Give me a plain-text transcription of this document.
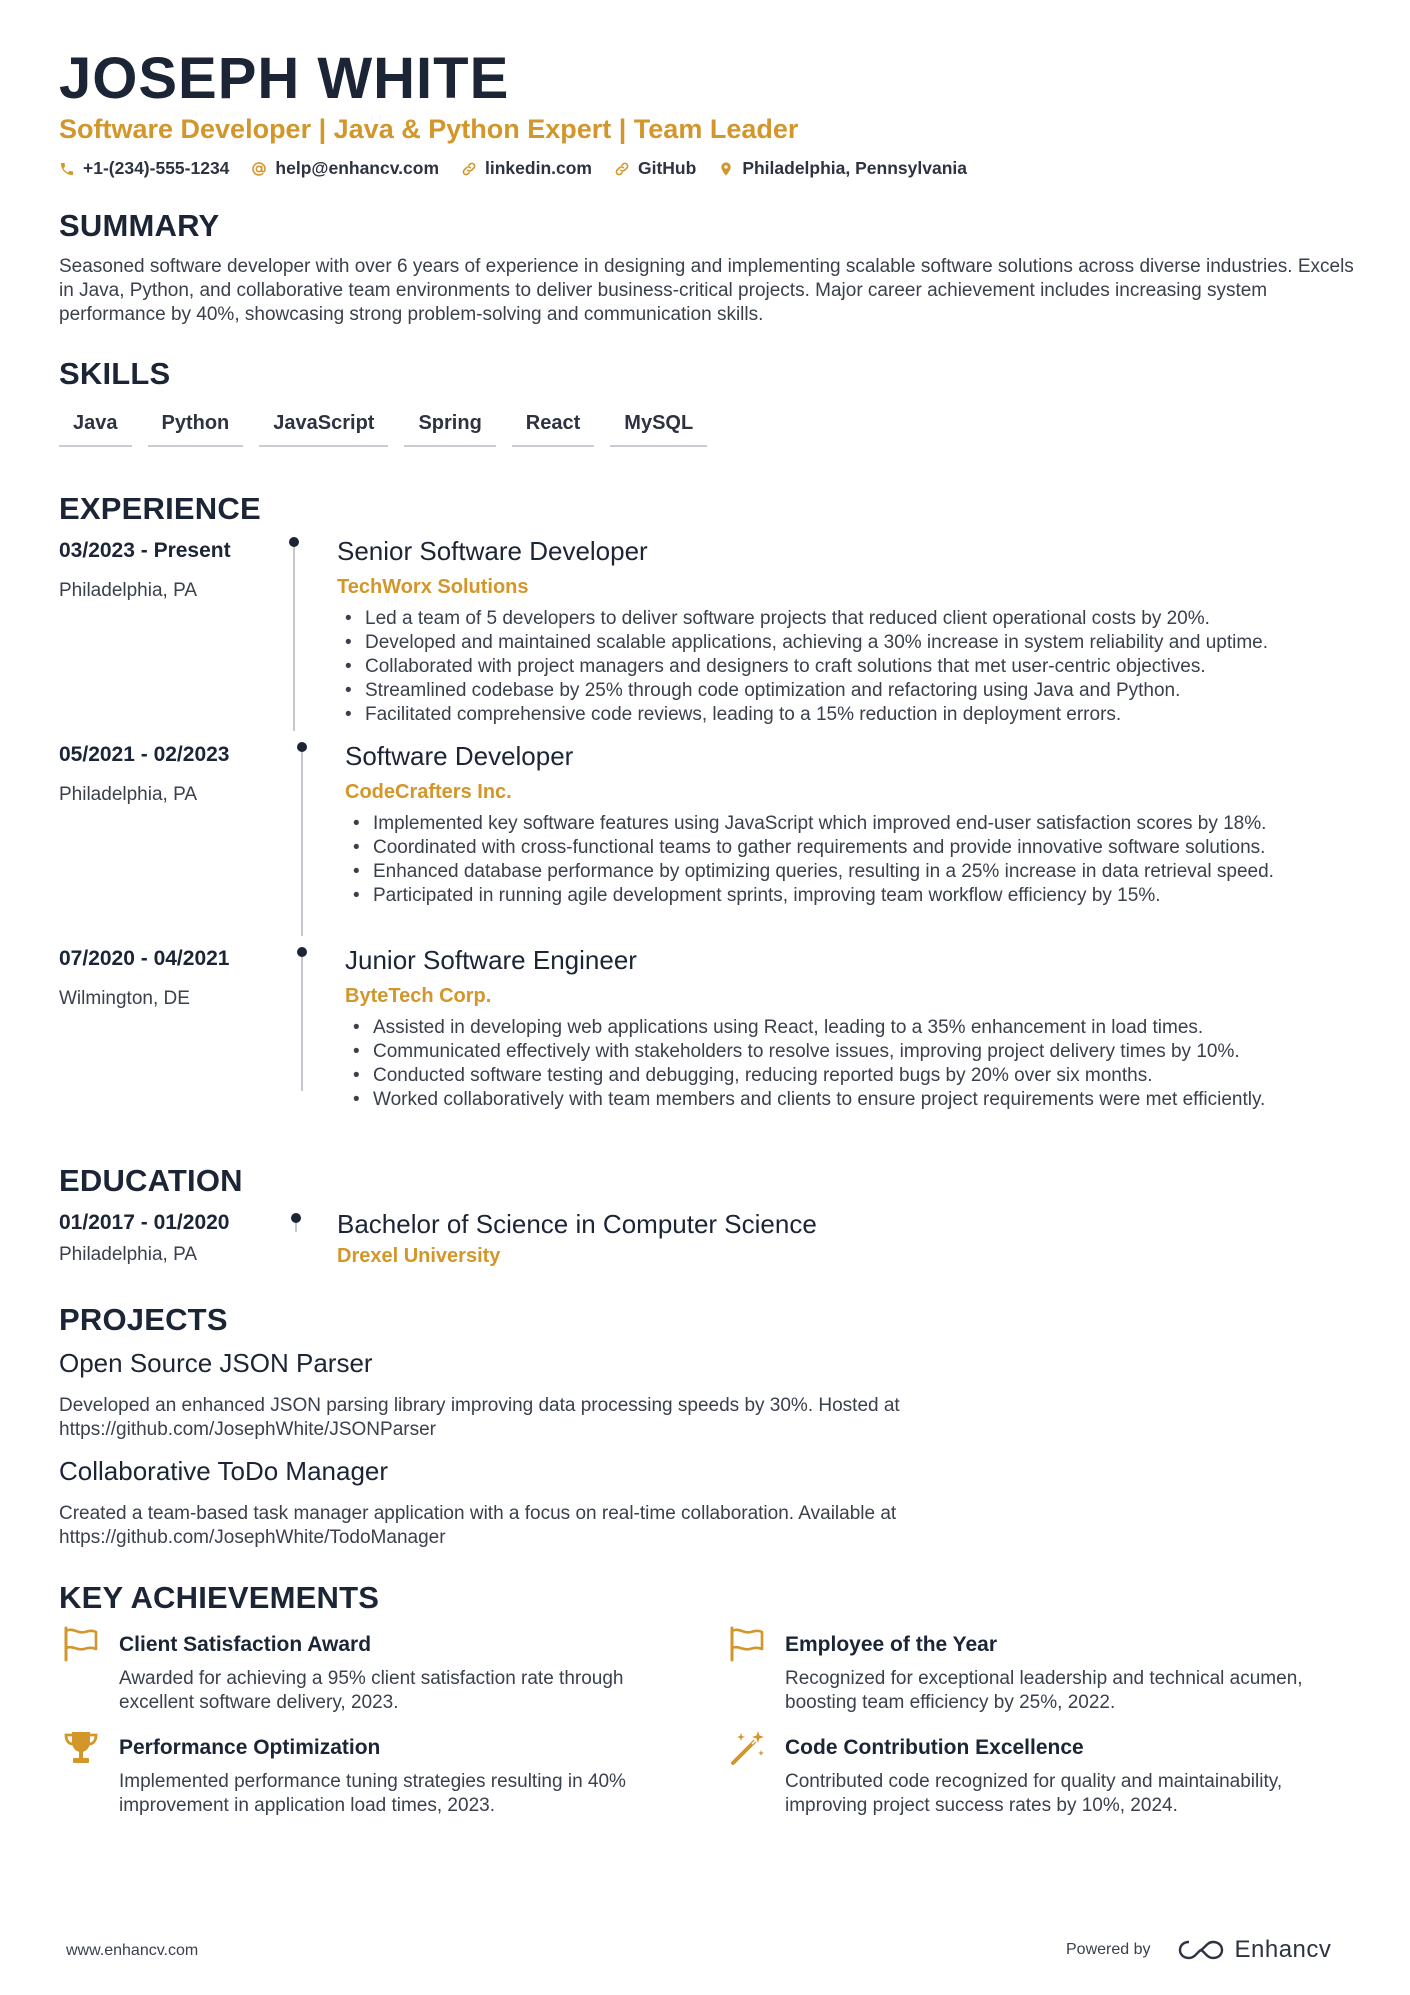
JOSEPH WHITE
Software Developer | Java & Python Expert | Team Leader
+1-(234)-555-1234	help@enhancv.com	linkedin.com	GitHub	Philadelphia, Pennsylvania
SUMMARY
Seasoned software developer with over 6 years of experience in designing and implementing scalable software solutions across diverse industries. Excels in Java, Python, and collaborative team environments to deliver business-critical projects. Major career achievement includes increasing system performance by 40%, showcasing strong problem-solving and communication skills.
SKILLS
Java	Python	JavaScript	Spring	React	MySQL
EXPERIENCE
03/2023 - Present
Philadelphia, PA
Senior Software Developer
TechWorx Solutions
• Led a team of 5 developers to deliver software projects that reduced client operational costs by 20%.
• Developed and maintained scalable applications, achieving a 30% increase in system reliability and uptime.
• Collaborated with project managers and designers to craft solutions that met user-centric objectives.
• Streamlined codebase by 25% through code optimization and refactoring using Java and Python.
• Facilitated comprehensive code reviews, leading to a 15% reduction in deployment errors.
05/2021 - 02/2023
Philadelphia, PA
Software Developer
CodeCrafters Inc.
• Implemented key software features using JavaScript which improved end-user satisfaction scores by 18%.
• Coordinated with cross-functional teams to gather requirements and provide innovative software solutions.
• Enhanced database performance by optimizing queries, resulting in a 25% increase in data retrieval speed.
• Participated in running agile development sprints, improving team workflow efficiency by 15%.
07/2020 - 04/2021
Wilmington, DE
Junior Software Engineer
ByteTech Corp.
• Assisted in developing web applications using React, leading to a 35% enhancement in load times.
• Communicated effectively with stakeholders to resolve issues, improving project delivery times by 10%.
• Conducted software testing and debugging, reducing reported bugs by 20% over six months.
• Worked collaboratively with team members and clients to ensure project requirements were met efficiently.
EDUCATION
01/2017 - 01/2020
Philadelphia, PA
Bachelor of Science in Computer Science
Drexel University
PROJECTS
Open Source JSON Parser
Developed an enhanced JSON parsing library improving data processing speeds by 30%. Hosted at https://github.com/JosephWhite/JSONParser
Collaborative ToDo Manager
Created a team-based task manager application with a focus on real-time collaboration. Available at https://github.com/JosephWhite/TodoManager
KEY ACHIEVEMENTS
Client Satisfaction Award
Awarded for achieving a 95% client satisfaction rate through excellent software delivery, 2023.
Employee of the Year
Recognized for exceptional leadership and technical acumen, boosting team efficiency by 25%, 2022.
Performance Optimization
Implemented performance tuning strategies resulting in 40% improvement in application load times, 2023.
Code Contribution Excellence
Contributed code recognized for quality and maintainability, improving project success rates by 10%, 2024.
www.enhancv.com	Powered by	Enhancv
